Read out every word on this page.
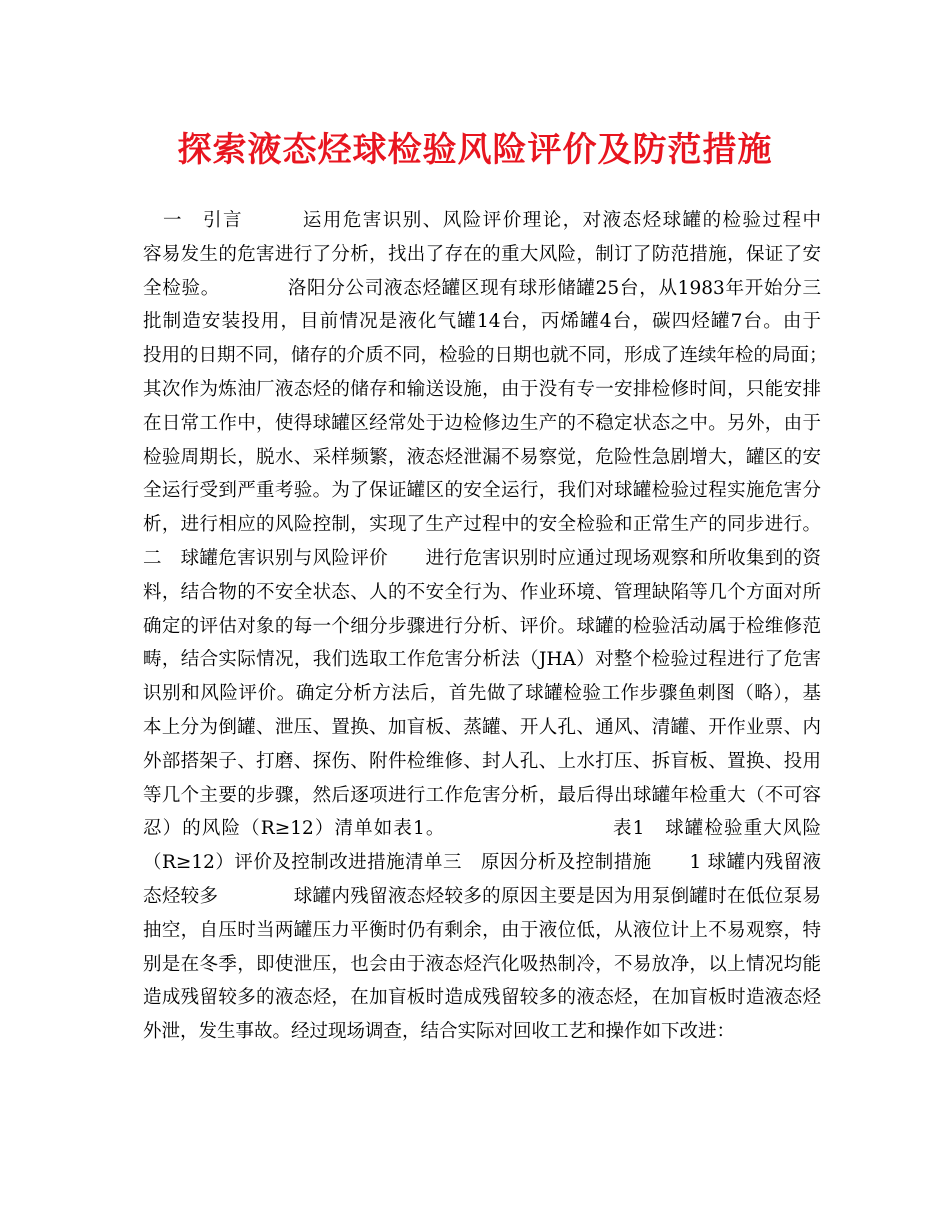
探索液态烃球检验风险评价及防范措施
　一　引言　　　运用危害识别、风险评价理论，对液态烃球罐的检验过程中
容易发生的危害进行了分析，找出了存在的重大风险，制订了防范措施，保证了安
全检验。　　　　洛阳分公司液态烃罐区现有球形储罐25台，从1983年开始分三
批制造安装投用，目前情况是液化气罐14台，丙烯罐4台，碳四烃罐7台。由于
投用的日期不同，储存的介质不同，检验的日期也就不同，形成了连续年检的局面；
其次作为炼油厂液态烃的储存和输送设施，由于没有专一安排检修时间，只能安排
在日常工作中，使得球罐区经常处于边检修边生产的不稳定状态之中。另外，由于
检验周期长，脱水、采样频繁，液态烃泄漏不易察觉，危险性急剧增大，罐区的安
全运行受到严重考验。为了保证罐区的安全运行，我们对球罐检验过程实施危害分
析，进行相应的风险控制，实现了生产过程中的安全检验和正常生产的同步进行。
二　球罐危害识别与风险评价　　进行危害识别时应通过现场观察和所收集到的资
料，结合物的不安全状态、人的不安全行为、作业环境、管理缺陷等几个方面对所
确定的评估对象的每一个细分步骤进行分析、评价。球罐的检验活动属于检维修范
畴，结合实际情况，我们选取工作危害分析法（JHA）对整个检验过程进行了危害
识别和风险评价。确定分析方法后，首先做了球罐检验工作步骤鱼刺图（略），基
本上分为倒罐、泄压、置换、加盲板、蒸罐、开人孔、通风、清罐、开作业票、内
外部搭架子、打磨、探伤、附件检维修、封人孔、上水打压、拆盲板、置换、投用
等几个主要的步骤，然后逐项进行工作危害分析，最后得出球罐年检重大（不可容
忍）的风险（R≥12）清单如表1。　　　　　　　　　表1　球罐检验重大风险
（R≥12）评价及控制改进措施清单三　原因分析及控制措施　　1 球罐内残留液
态烃较多　　　　球罐内残留液态烃较多的原因主要是因为用泵倒罐时在低位泵易
抽空，自压时当两罐压力平衡时仍有剩余，由于液位低，从液位计上不易观察，特
别是在冬季，即使泄压，也会由于液态烃汽化吸热制冷，不易放净，以上情况均能
造成残留较多的液态烃，在加盲板时造成残留较多的液态烃，在加盲板时造液态烃
外泄，发生事故。经过现场调查，结合实际对回收工艺和操作如下改进：
